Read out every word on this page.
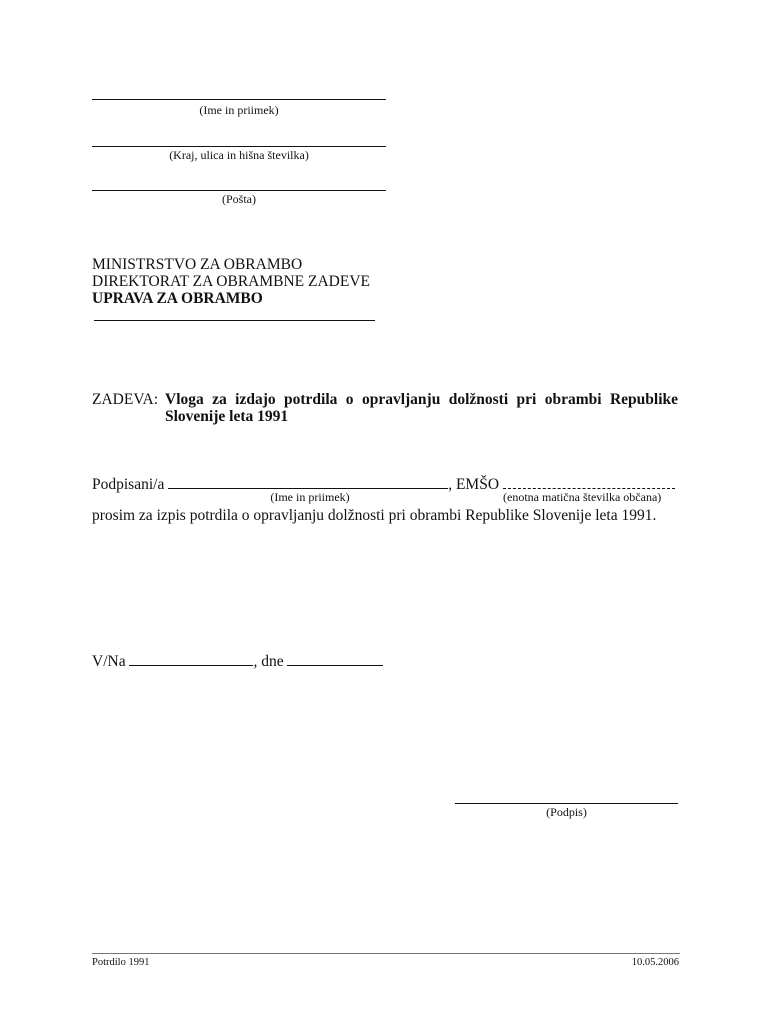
(Ime in priimek)
(Kraj, ulica in hišna številka)
(Pošta)
MINISTRSTVO ZA OBRAMBO
DIREKTORAT ZA OBRAMBNE ZADEVE
UPRAVA ZA OBRAMBO
ZADEVA: Vloga za izdajo potrdila o opravljanju dolžnosti pri obrambi Republike
Slovenije leta 1991
Podpisani/a	, EMŠO
(Ime in priimek)	(enotna matična številka občana)
prosim za izpis potrdila o opravljanju dolžnosti pri obrambi Republike Slovenije leta 1991.
V/Na	, dne
(Podpis)
Potrdilo 1991	10.05.2006
